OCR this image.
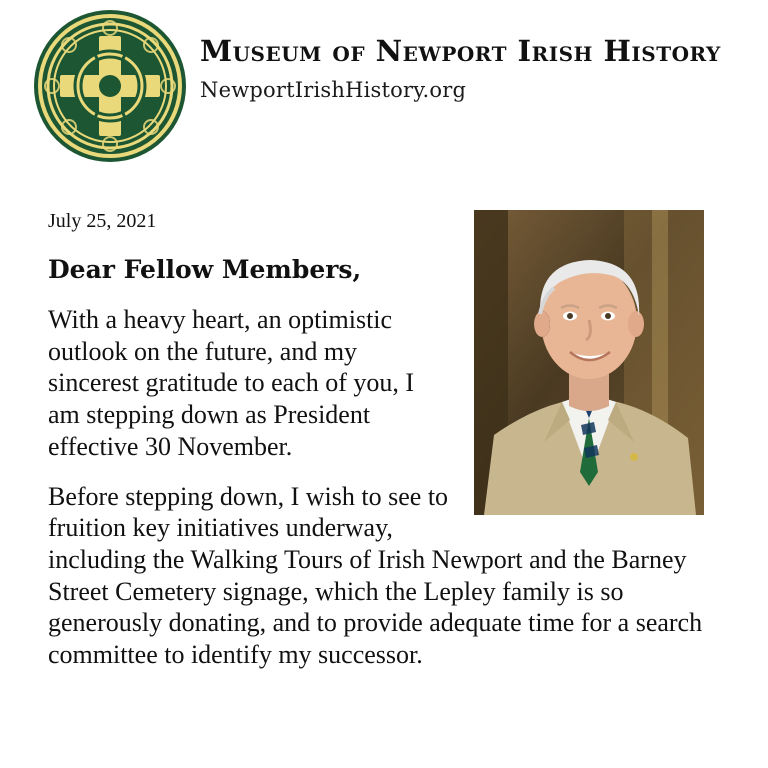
Museum of Newport Irish History
NewportIrishHistory.org
July 25, 2021
Dear Fellow Members,

With a heavy heart, an optimistic outlook on the future, and my sincerest gratitude to each of you, I am stepping down as President effective 30 November.

Before stepping down, I wish to see to fruition key initiatives underway, including the Walking Tours of Irish Newport and the Barney Street Cemetery signage, which the Lepley family is so generously donating, and to provide adequate time for a search committee to identify my successor.
